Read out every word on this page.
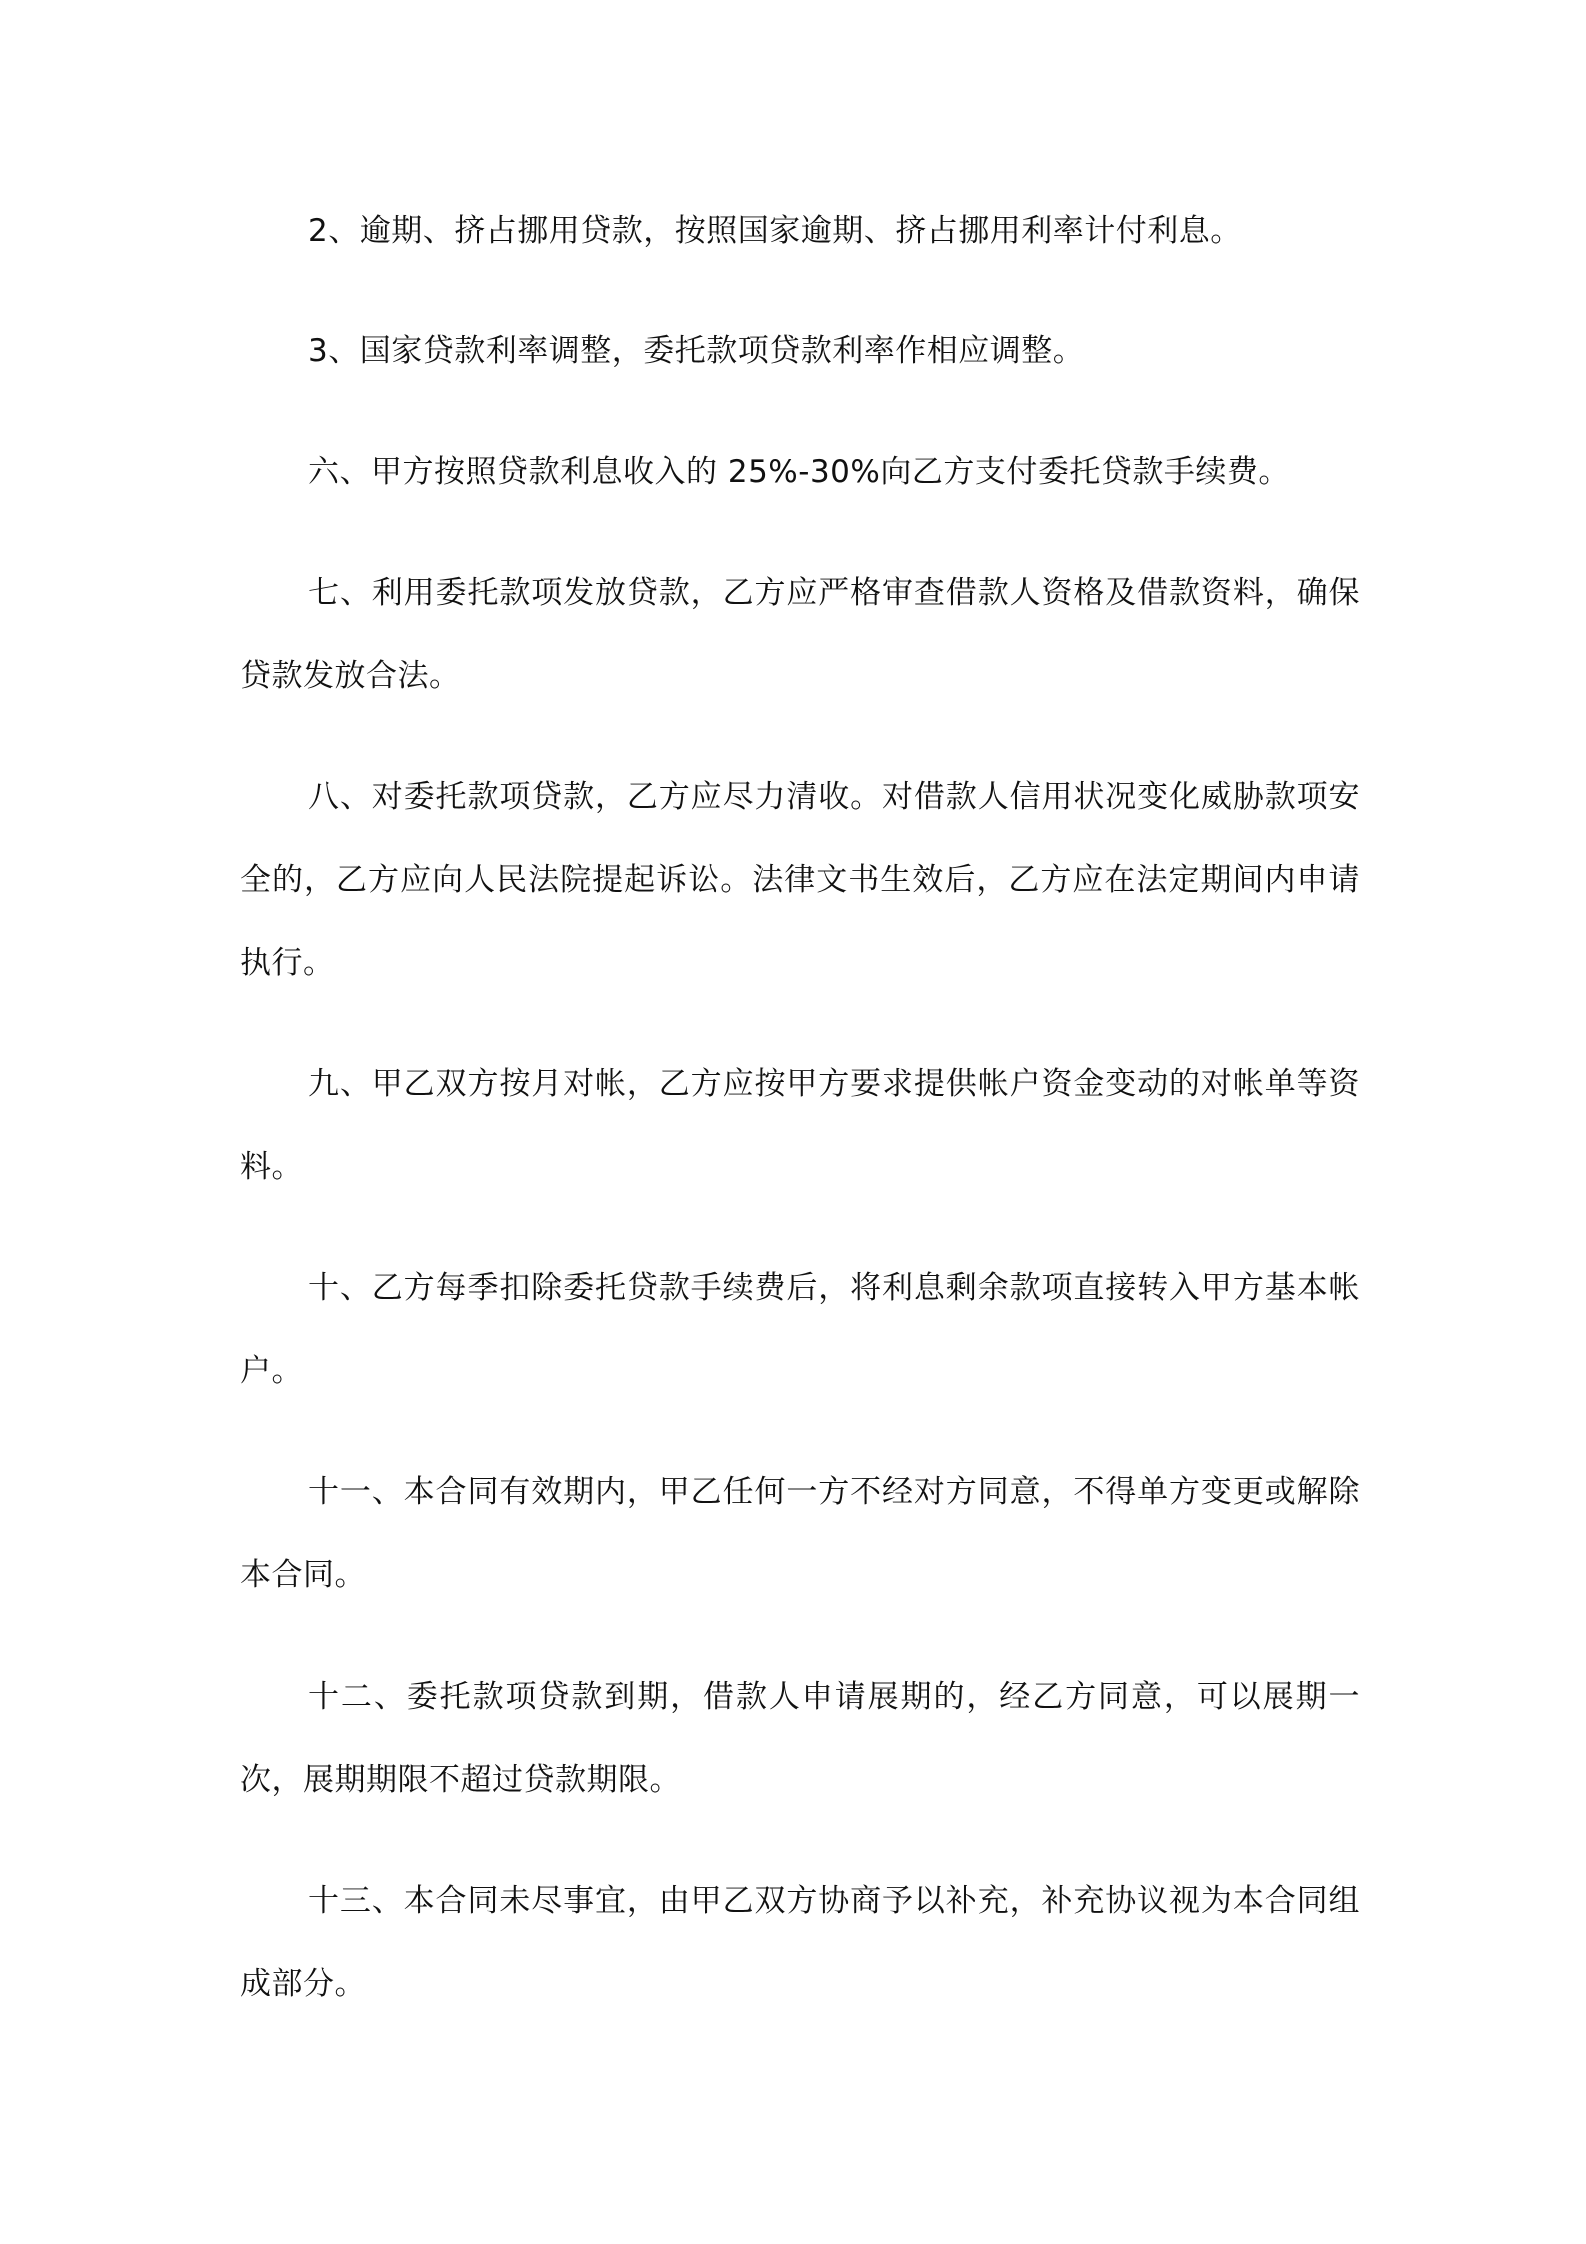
2、逾期、挤占挪用贷款，按照国家逾期、挤占挪用利率计付利息。

3、国家贷款利率调整，委托款项贷款利率作相应调整。

六、甲方按照贷款利息收入的 25%-30%向乙方支付委托贷款手续费。

七、利用委托款项发放贷款，乙方应严格审查借款人资格及借款资料，确保贷款发放合法。

八、对委托款项贷款，乙方应尽力清收。对借款人信用状况变化威胁款项安全的，乙方应向人民法院提起诉讼。法律文书生效后，乙方应在法定期间内申请执行。

九、甲乙双方按月对帐，乙方应按甲方要求提供帐户资金变动的对帐单等资料。

十、乙方每季扣除委托贷款手续费后，将利息剩余款项直接转入甲方基本帐户。

十一、本合同有效期内，甲乙任何一方不经对方同意，不得单方变更或解除本合同。

十二、委托款项贷款到期，借款人申请展期的，经乙方同意，可以展期一次，展期期限不超过贷款期限。

十三、本合同未尽事宜，由甲乙双方协商予以补充，补充协议视为本合同组成部分。
